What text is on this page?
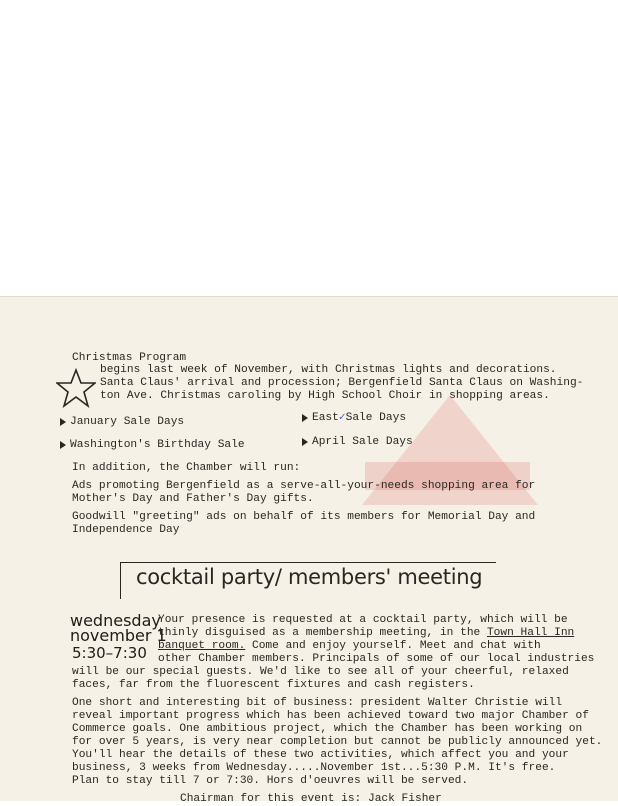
Christmas Program
begins last week of November, with Christmas lights and decorations.
Santa Claus' arrival and procession; Bergenfield Santa Claus on Washing-
ton Ave. Christmas caroling by High School Choir in shopping areas.
January Sale Days	East✓Sale Days
Washington's Birthday Sale	April Sale Days
In addition, the Chamber will run:
Ads promoting Bergenfield as a serve-all-your-needs shopping area for
Mother's Day and Father's Day gifts.
Goodwill "greeting" ads on behalf of its members for Memorial Day and
Independence Day
cocktail party/ members' meeting
wednesday
november 1
5:30–7:30
Your presence is requested at a cocktail party, which will be
thinly disguised as a membership meeting, in the Town Hall Inn
banquet room. Come and enjoy yourself. Meet and chat with
other Chamber members. Principals of some of our local industries
will be our special guests. We'd like to see all of your cheerful, relaxed
faces, far from the fluorescent fixtures and cash registers.
One short and interesting bit of business: president Walter Christie will
reveal important progress which has been achieved toward two major Chamber of
Commerce goals. One ambitious project, which the Chamber has been working on
for over 5 years, is very near completion but cannot be publicly announced yet.
You'll hear the details of these two activities, which affect you and your
business, 3 weeks from Wednesday.....November 1st...5:30 P.M. It's free.
Plan to stay till 7 or 7:30. Hors d'oeuvres will be served.
Chairman for this event is: Jack Fisher
